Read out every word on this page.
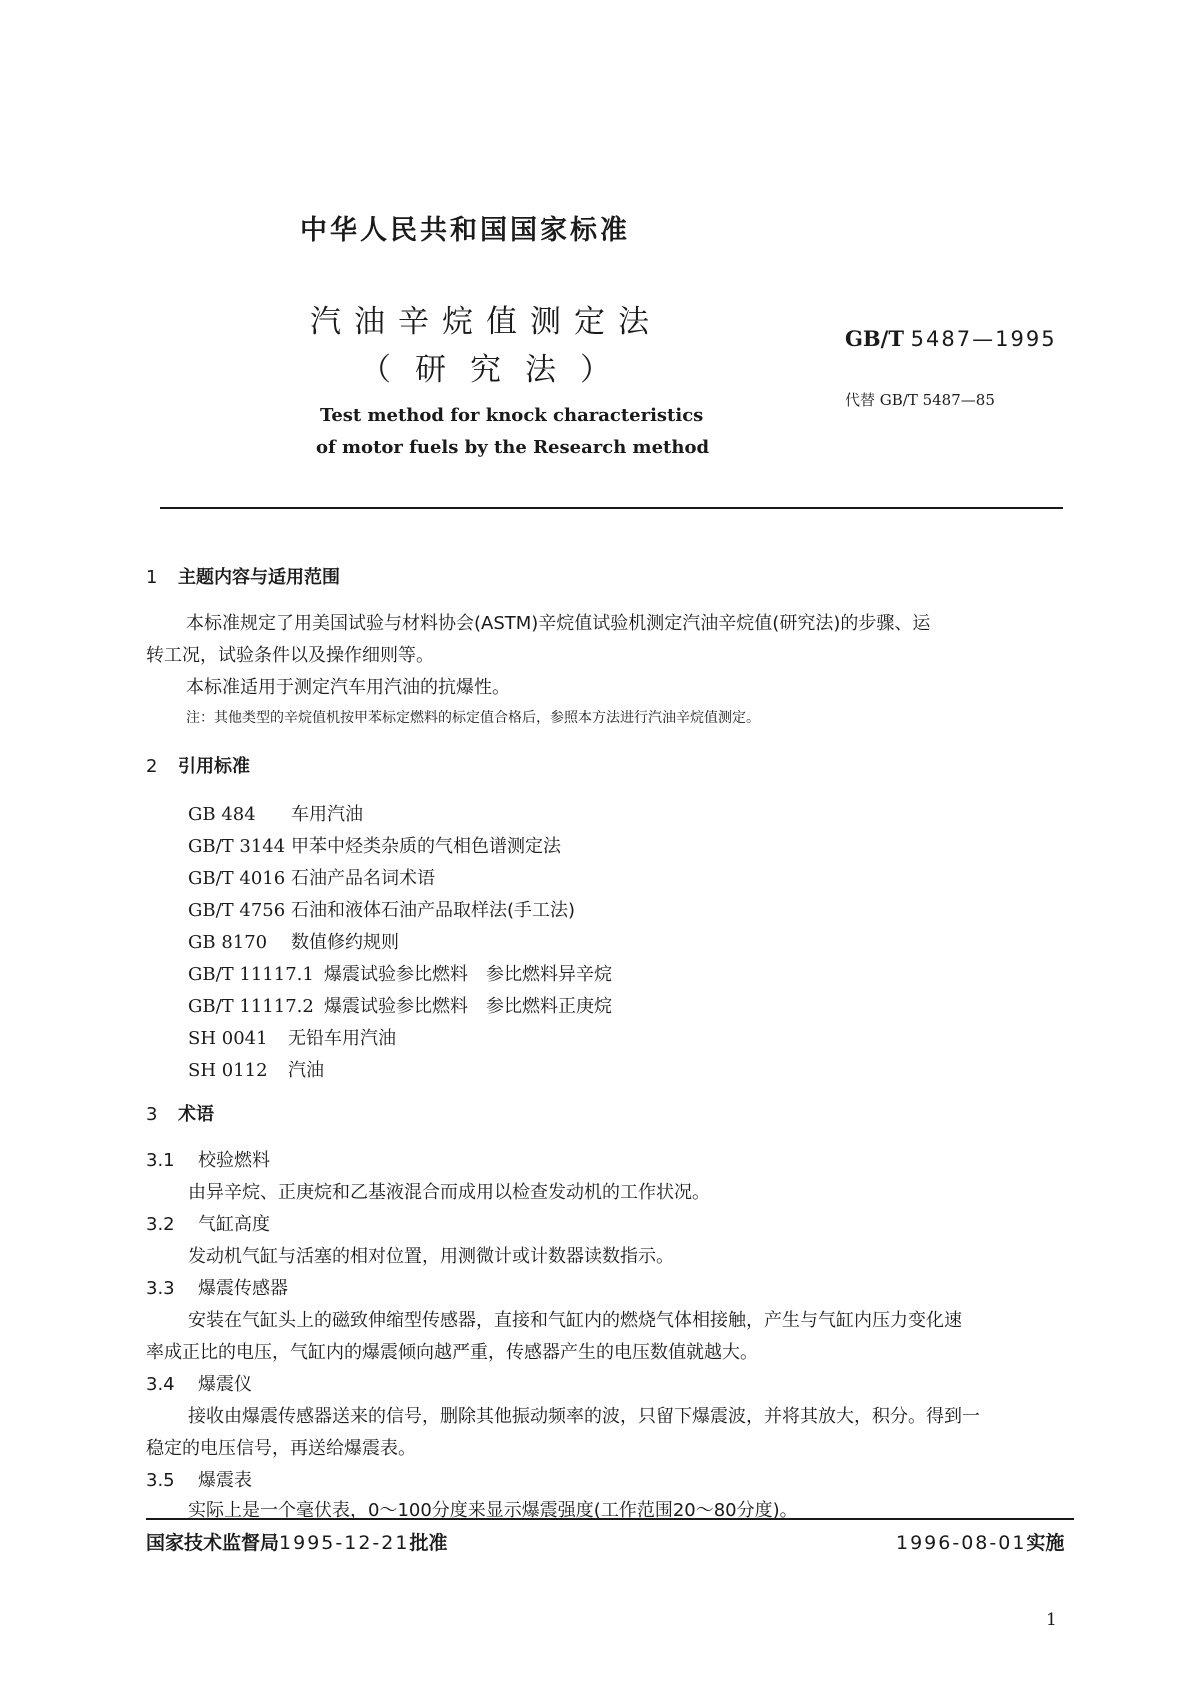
中华人民共和国国家标准
汽油辛烷值测定法
（研究法）
Test method for knock characteristics
of motor fuels by the Research method
GB/T 5487—1995
代替 GB/T 5487—85
1 主题内容与适用范围
本标准规定了用美国试验与材料协会(ASTM)辛烷值试验机测定汽油辛烷值(研究法)的步骤、运
转工况，试验条件以及操作细则等。
本标准适用于测定汽车用汽油的抗爆性。
注：其他类型的辛烷值机按甲苯标定燃料的标定值合格后，参照本方法进行汽油辛烷值测定。
2 引用标准
GB 484 车用汽油
GB/T 3144 甲苯中烃类杂质的气相色谱测定法
GB/T 4016 石油产品名词术语
GB/T 4756 石油和液体石油产品取样法(手工法)
GB 8170 数值修约规则
GB/T 11117.1 爆震试验参比燃料　参比燃料异辛烷
GB/T 11117.2 爆震试验参比燃料　参比燃料正庚烷
SH 0041 无铅车用汽油
SH 0112 汽油
3 术语
3.1 校验燃料
由异辛烷、正庚烷和乙基液混合而成用以检查发动机的工作状况。
3.2 气缸高度
发动机气缸与活塞的相对位置，用测微计或计数器读数指示。
3.3 爆震传感器
安装在气缸头上的磁致伸缩型传感器，直接和气缸内的燃烧气体相接触，产生与气缸内压力变化速
率成正比的电压，气缸内的爆震倾向越严重，传感器产生的电压数值就越大。
3.4 爆震仪
接收由爆震传感器送来的信号，删除其他振动频率的波，只留下爆震波，并将其放大，积分。得到一
稳定的电压信号，再送给爆震表。
3.5 爆震表
实际上是一个毫伏表，0～100分度来显示爆震强度(工作范围20～80分度)。
国家技术监督局1995-12-21批准	1996-08-01实施
1
